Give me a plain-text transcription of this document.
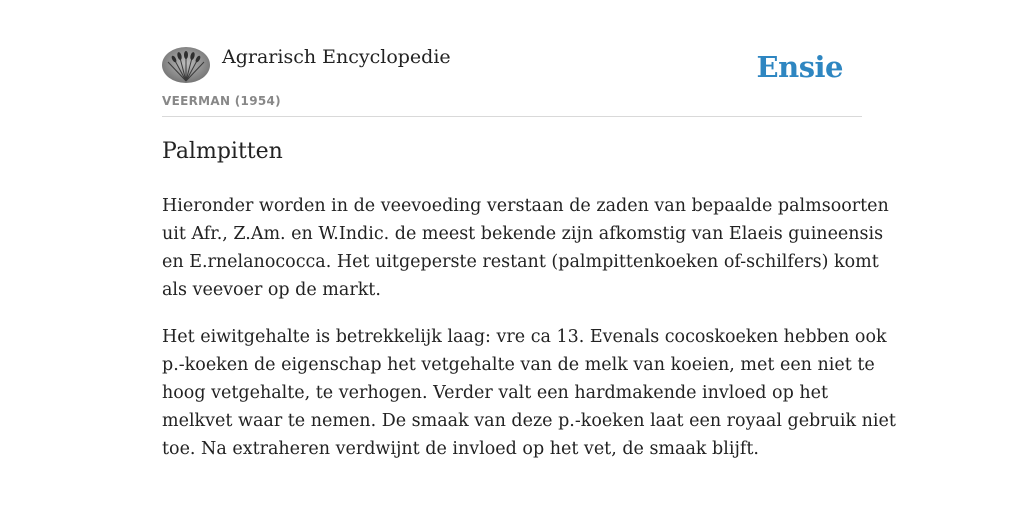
Agrarisch Encyclopedie	Ensie
VEERMAN (1954)
Palmpitten

Hieronder worden in de veevoeding verstaan de zaden van bepaalde palmsoorten
uit Afr., Z.Am. en W.Indic. de meest bekende zijn afkomstig van Elaeis guineensis
en E.rnelanococca. Het uitgeperste restant (palmpittenkoeken of-schilfers) komt
als veevoer op de markt.

Het eiwitgehalte is betrekkelijk laag: vre ca 13. Evenals cocoskoeken hebben ook
p.-koeken de eigenschap het vetgehalte van de melk van koeien, met een niet te
hoog vetgehalte, te verhogen. Verder valt een hardmakende invloed op het
melkvet waar te nemen. De smaak van deze p.-koeken laat een royaal gebruik niet
toe. Na extraheren verdwijnt de invloed op het vet, de smaak blijft.
